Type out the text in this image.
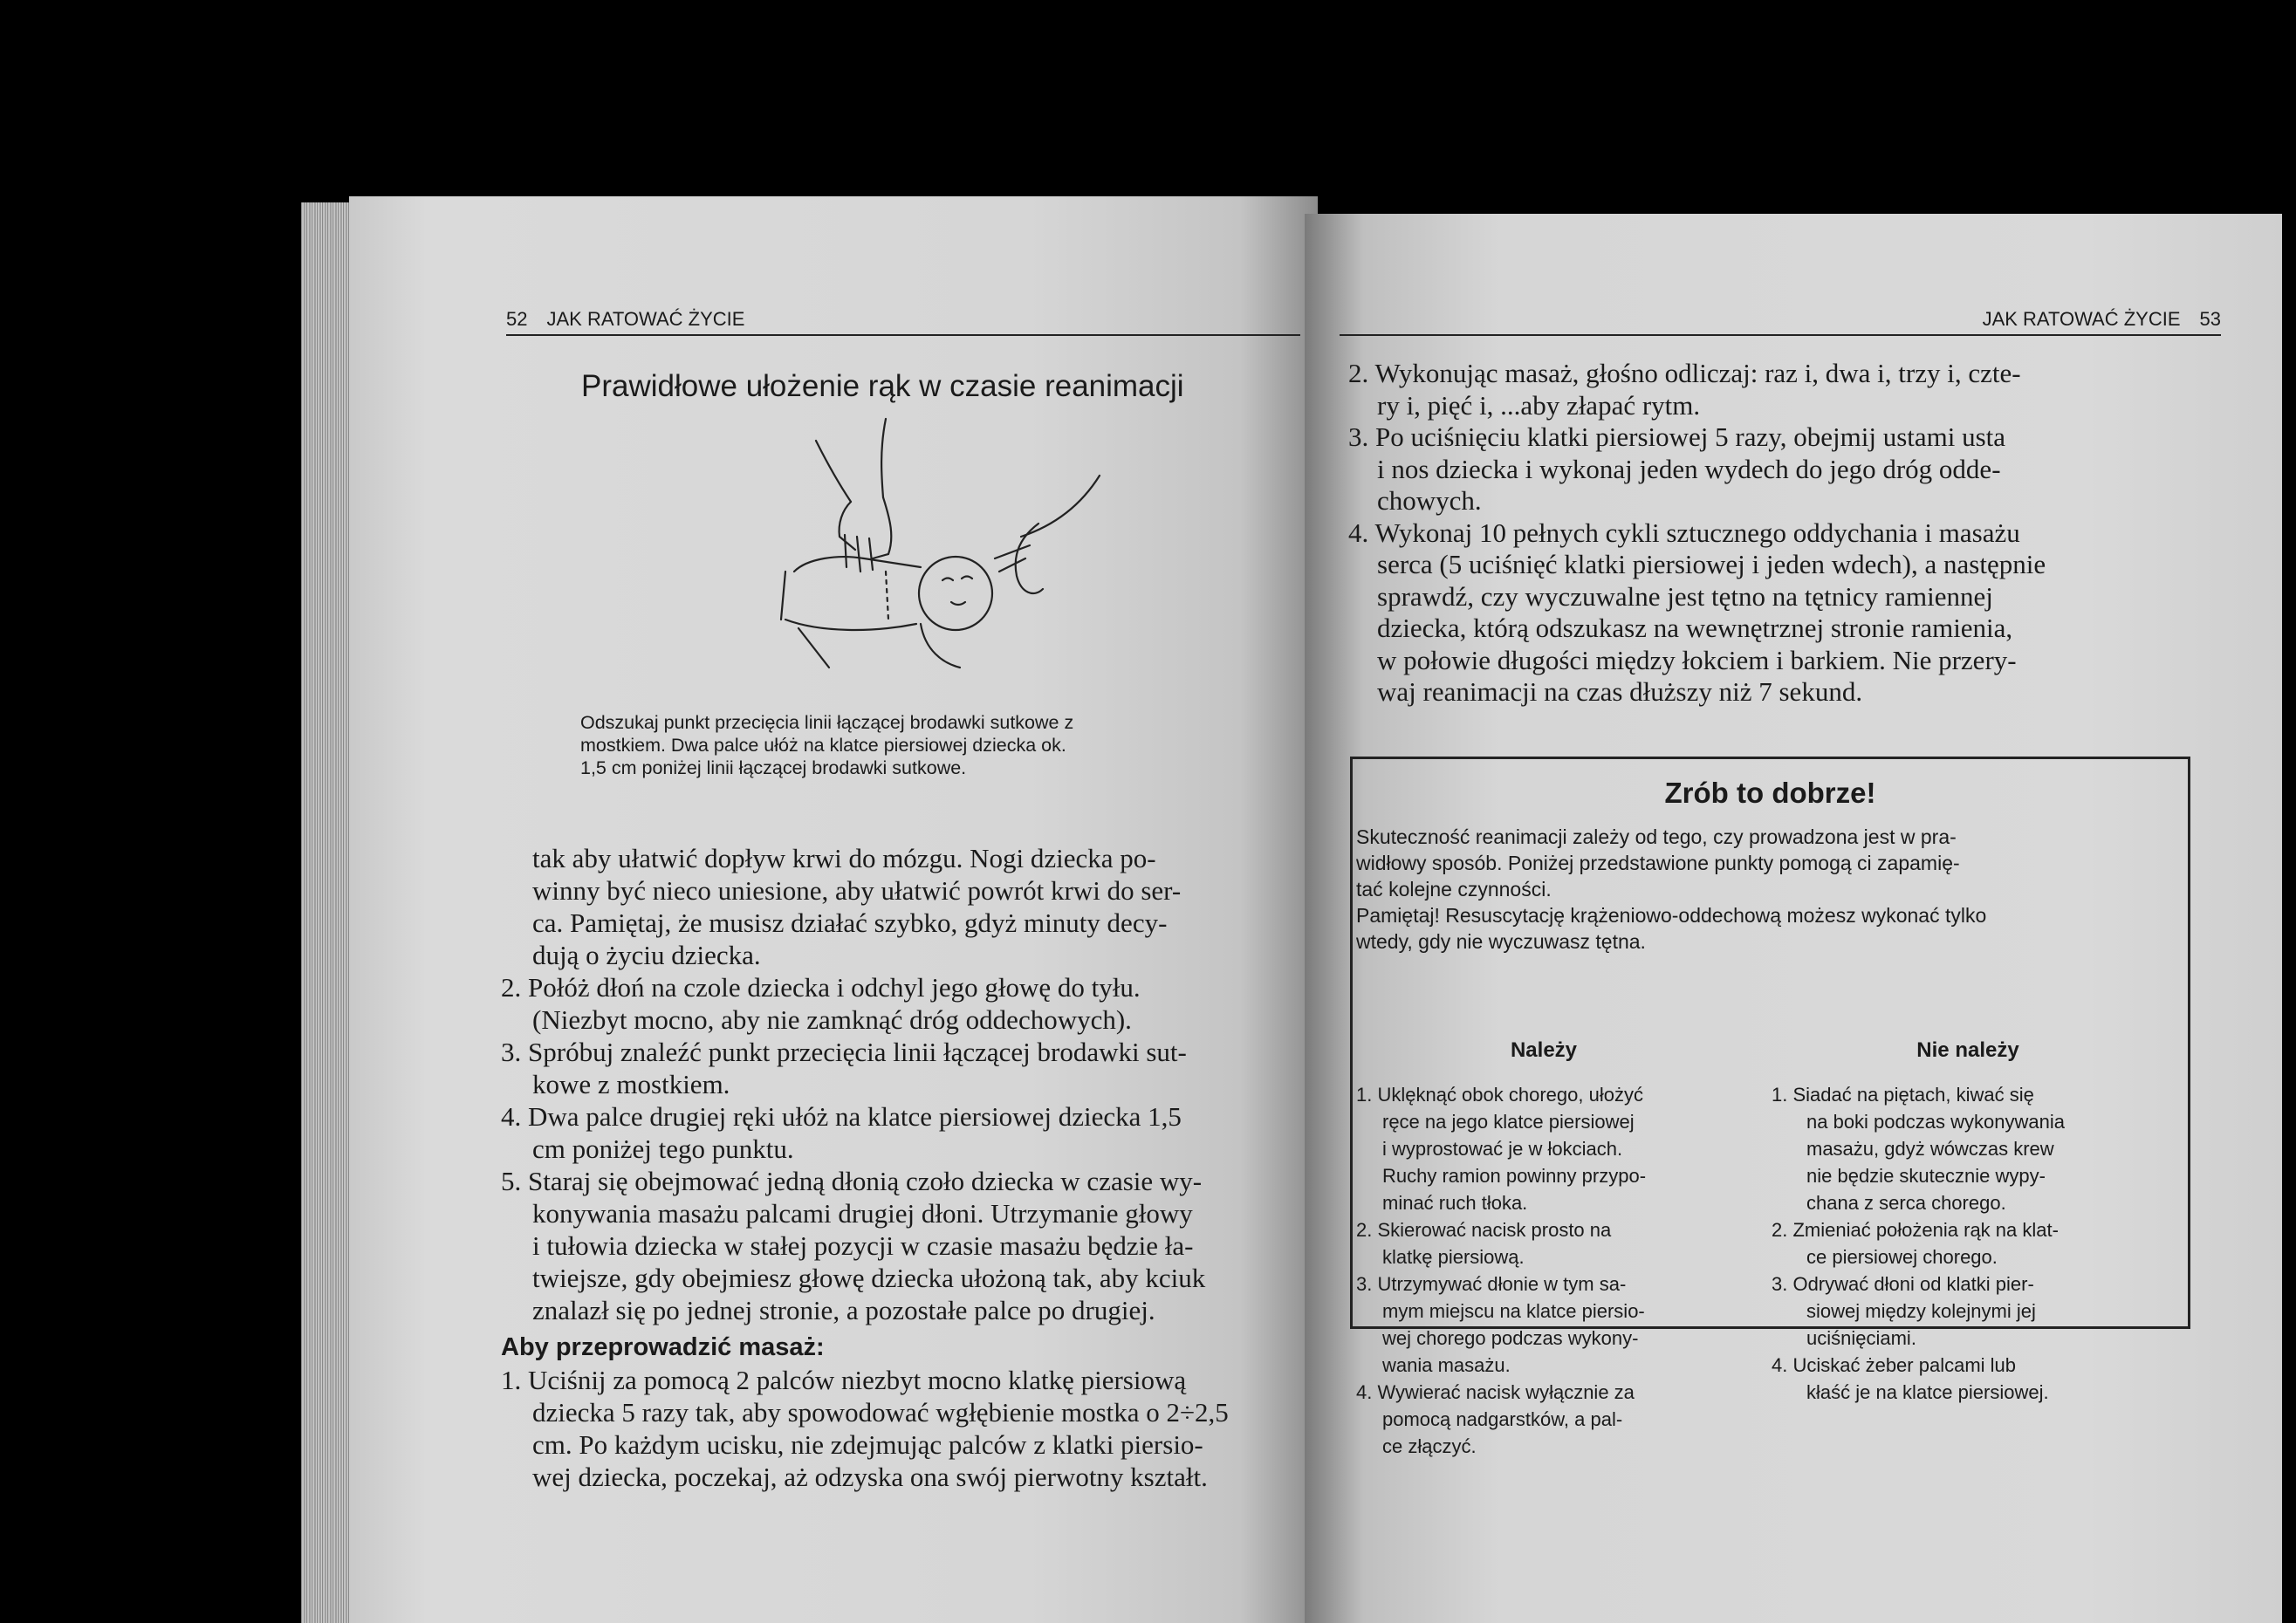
52 JAK RATOWAĆ ŻYCIE
Prawidłowe ułożenie rąk w czasie reanimacji
Odszukaj punkt przecięcia linii łączącej brodawki sutkowe z
mostkiem. Dwa palce ułóż na klatce piersiowej dziecka ok.
1,5 cm poniżej linii łączącej brodawki sutkowe.
tak aby ułatwić dopływ krwi do mózgu. Nogi dziecka po-
winny być nieco uniesione, aby ułatwić powrót krwi do ser-
ca. Pamiętaj, że musisz działać szybko, gdyż minuty decy-
dują o życiu dziecka.
2. Połóż dłoń na czole dziecka i odchyl jego głowę do tyłu.
(Niezbyt mocno, aby nie zamknąć dróg oddechowych).
3. Spróbuj znaleźć punkt przecięcia linii łączącej brodawki sut-
kowe z mostkiem.
4. Dwa palce drugiej ręki ułóż na klatce piersiowej dziecka 1,5
cm poniżej tego punktu.
5. Staraj się obejmować jedną dłonią czoło dziecka w czasie wy-
konywania masażu palcami drugiej dłoni. Utrzymanie głowy
i tułowia dziecka w stałej pozycji w czasie masażu będzie ła-
twiejsze, gdy obejmiesz głowę dziecka ułożoną tak, aby kciuk
znalazł się po jednej stronie, a pozostałe palce po drugiej.
Aby przeprowadzić masaż:
1. Uciśnij za pomocą 2 palców niezbyt mocno klatkę piersiową
dziecka 5 razy tak, aby spowodować wgłębienie mostka o 2÷2,5
cm. Po każdym ucisku, nie zdejmując palców z klatki piersio-
wej dziecka, poczekaj, aż odzyska ona swój pierwotny kształt.
JAK RATOWAĆ ŻYCIE 53
2. Wykonując masaż, głośno odliczaj: raz i, dwa i, trzy i, czte-
ry i, pięć i, ...aby złapać rytm.
3. Po uciśnięciu klatki piersiowej 5 razy, obejmij ustami usta
i nos dziecka i wykonaj jeden wydech do jego dróg odde-
chowych.
4. Wykonaj 10 pełnych cykli sztucznego oddychania i masażu
serca (5 uciśnięć klatki piersiowej i jeden wdech), a następnie
sprawdź, czy wyczuwalne jest tętno na tętnicy ramiennej
dziecka, którą odszukasz na wewnętrznej stronie ramienia,
w połowie długości między łokciem i barkiem. Nie przery-
waj reanimacji na czas dłuższy niż 7 sekund.
Zrób to dobrze!
Skuteczność reanimacji zależy od tego, czy prowadzona jest w pra-
widłowy sposób. Poniżej przedstawione punkty pomogą ci zapamię-
tać kolejne czynności.
Pamiętaj! Resuscytację krążeniowo-oddechową możesz wykonać tylko
wtedy, gdy nie wyczuwasz tętna.
Należy
1. Uklęknąć obok chorego, ułożyć
ręce na jego klatce piersiowej
i wyprostować je w łokciach.
Ruchy ramion powinny przypo-
minać ruch tłoka.
2. Skierować nacisk prosto na
klatkę piersiową.
3. Utrzymywać dłonie w tym sa-
mym miejscu na klatce piersio-
wej chorego podczas wykony-
wania masażu.
4. Wywierać nacisk wyłącznie za
pomocą nadgarstków, a pal-
ce złączyć.
Nie należy
1. Siadać na piętach, kiwać się
na boki podczas wykonywania
masażu, gdyż wówczas krew
nie będzie skutecznie wypy-
chana z serca chorego.
2. Zmieniać położenia rąk na klat-
ce piersiowej chorego.
3. Odrywać dłoni od klatki pier-
siowej między kolejnymi jej
uciśnięciami.
4. Uciskać żeber palcami lub
kłaść je na klatce piersiowej.
